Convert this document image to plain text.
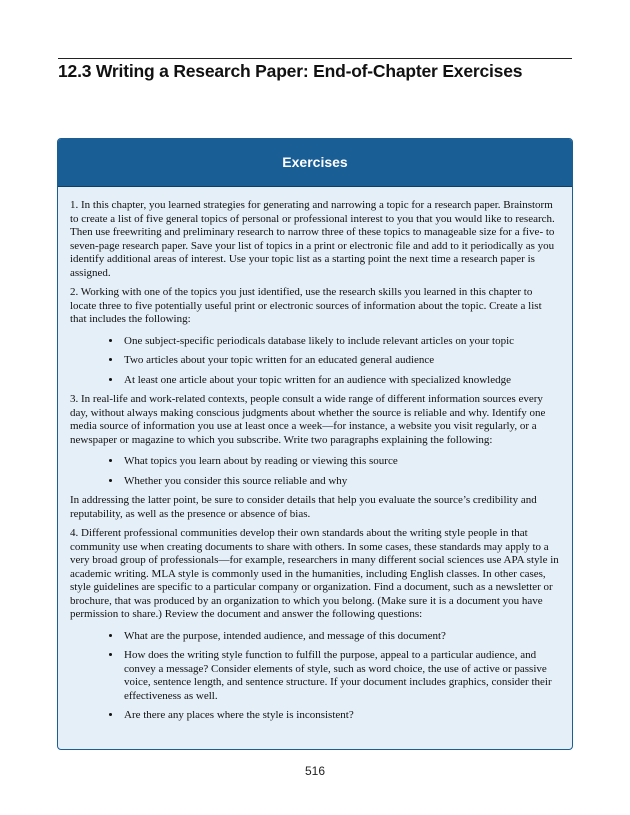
12.3 Writing a Research Paper: End-of-Chapter Exercises
Exercises

1. In this chapter, you learned strategies for generating and narrowing a topic for a research paper. Brainstorm to create a list of five general topics of personal or professional interest to you that you would like to research. Then use freewriting and preliminary research to narrow three of these topics to manageable size for a five- to seven-page research paper. Save your list of topics in a print or electronic file and add to it periodically as you identify additional areas of interest. Use your topic list as a starting point the next time a research paper is assigned.

2. Working with one of the topics you just identified, use the research skills you learned in this chapter to locate three to five potentially useful print or electronic sources of information about the topic. Create a list that includes the following:

• One subject-specific periodicals database likely to include relevant articles on your topic
• Two articles about your topic written for an educated general audience
• At least one article about your topic written for an audience with specialized knowledge

3. In real-life and work-related contexts, people consult a wide range of different information sources every day, without always making conscious judgments about whether the source is reliable and why. Identify one media source of information you use at least once a week—for instance, a website you visit regularly, or a newspaper or magazine to which you subscribe. Write two paragraphs explaining the following:

• What topics you learn about by reading or viewing this source
• Whether you consider this source reliable and why

In addressing the latter point, be sure to consider details that help you evaluate the source’s credibility and reputability, as well as the presence or absence of bias.

4. Different professional communities develop their own standards about the writing style people in that community use when creating documents to share with others. In some cases, these standards may apply to a very broad group of professionals—for example, researchers in many different social sciences use APA style in academic writing. MLA style is commonly used in the humanities, including English classes. In other cases, style guidelines are specific to a particular company or organization. Find a document, such as a newsletter or brochure, that was produced by an organization to which you belong. (Make sure it is a document you have permission to share.) Review the document and answer the following questions:

• What are the purpose, intended audience, and message of this document?
• How does the writing style function to fulfill the purpose, appeal to a particular audience, and convey a message? Consider elements of style, such as word choice, the use of active or passive voice, sentence length, and sentence structure. If your document includes graphics, consider their effectiveness as well.
• Are there any places where the style is inconsistent?
516
